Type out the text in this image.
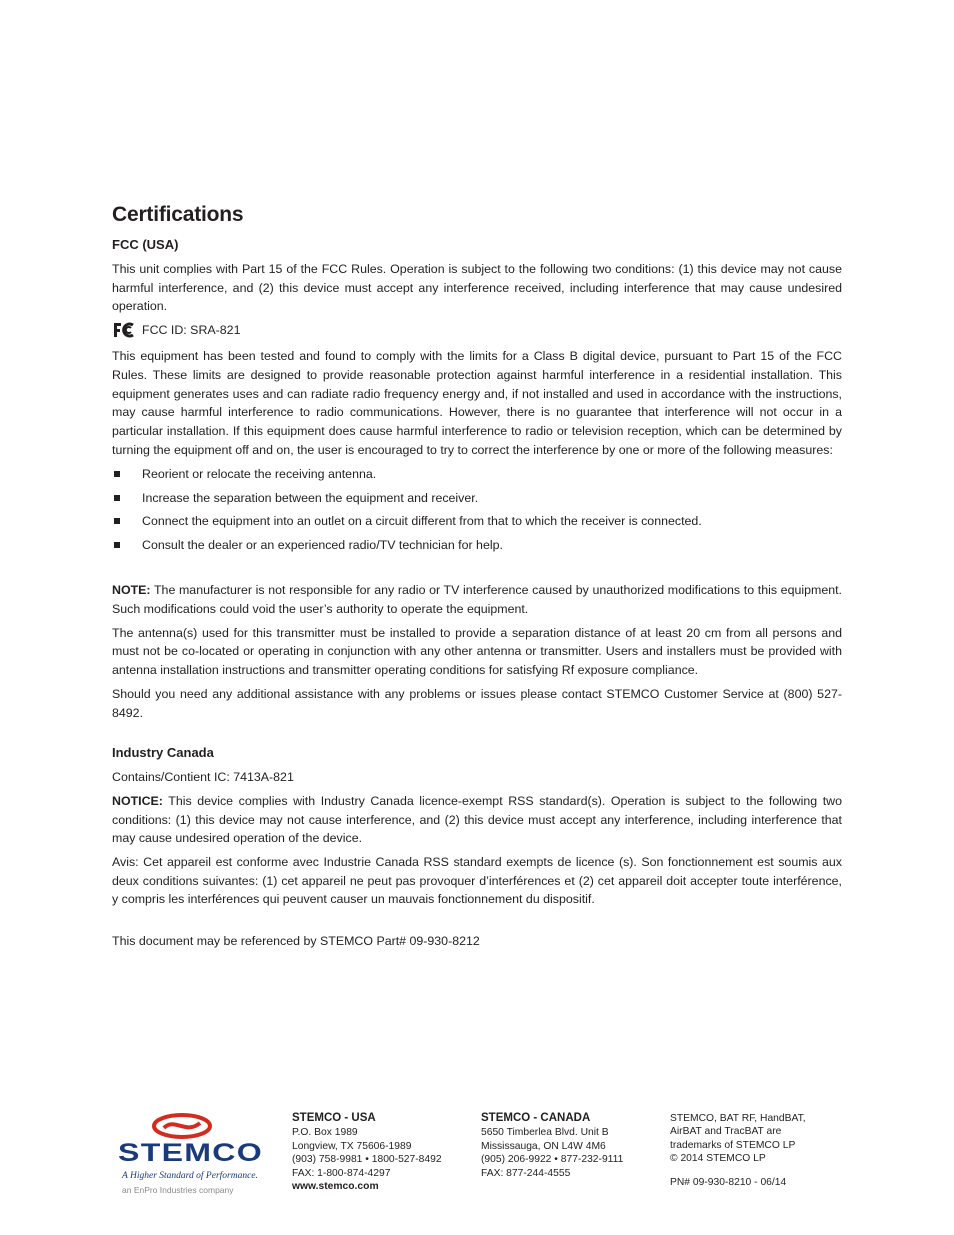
Certifications
FCC (USA)

This unit complies with Part 15 of the FCC Rules. Operation is subject to the following two conditions: (1) this device may not cause harmful interference, and (2) this device must accept any interference received, including interference that may cause undesired operation.

FCC ID: SRA-821

This equipment has been tested and found to comply with the limits for a Class B digital device, pursuant to Part 15 of the FCC Rules. These limits are designed to provide reasonable protection against harmful interference in a residential installation. This equipment generates uses and can radiate radio frequency energy and, if not installed and used in accordance with the instructions, may cause harmful interference to radio communications. However, there is no guarantee that interference will not occur in a particular installation. If this equipment does cause harmful interference to radio or television reception, which can be determined by turning the equipment off and on, the user is encouraged to try to correct the interference by one or more of the following measures:

Reorient or relocate the receiving antenna.
Increase the separation between the equipment and receiver.
Connect the equipment into an outlet on a circuit different from that to which the receiver is connected.
Consult the dealer or an experienced radio/TV technician for help.

NOTE: The manufacturer is not responsible for any radio or TV interference caused by unauthorized modifications to this equipment. Such modifications could void the user’s authority to operate the equipment.

The antenna(s) used for this transmitter must be installed to provide a separation distance of at least 20 cm from all persons and must not be co-located or operating in conjunction with any other antenna or transmitter. Users and installers must be provided with antenna installation instructions and transmitter operating conditions for satisfying Rf exposure compliance.

Should you need any additional assistance with any problems or issues please contact STEMCO Customer Service at (800) 527-8492.

Industry Canada

Contains/Contient IC: 7413A-821

NOTICE: This device complies with Industry Canada licence-exempt RSS standard(s). Operation is subject to the following two conditions: (1) this device may not cause interference, and (2) this device must accept any interference, including interference that may cause undesired operation of the device.

Avis: Cet appareil est conforme avec Industrie Canada RSS standard exempts de licence (s). Son fonctionnement est soumis aux deux conditions suivantes: (1) cet appareil ne peut pas provoquer d’interférences et (2) cet appareil doit accepter toute interférence, y compris les interférences qui peuvent causer un mauvais fonctionnement du dispositif.

This document may be referenced by STEMCO Part# 09-930-8212

STEMCO
A Higher Standard of Performance.
an EnPro Industries company
STEMCO - USA
P.O. Box 1989
Longview, TX 75606-1989
(903) 758-9981 • 1800-527-8492
FAX: 1-800-874-4297
www.stemco.com
STEMCO - CANADA
5650 Timberlea Blvd. Unit B
Mississauga, ON L4W 4M6
(905) 206-9922 • 877-232-9111
FAX: 877-244-4555
STEMCO, BAT RF, HandBAT,
AirBAT and TracBAT are
trademarks of STEMCO LP
© 2014 STEMCO LP
PN# 09-930-8210 - 06/14
